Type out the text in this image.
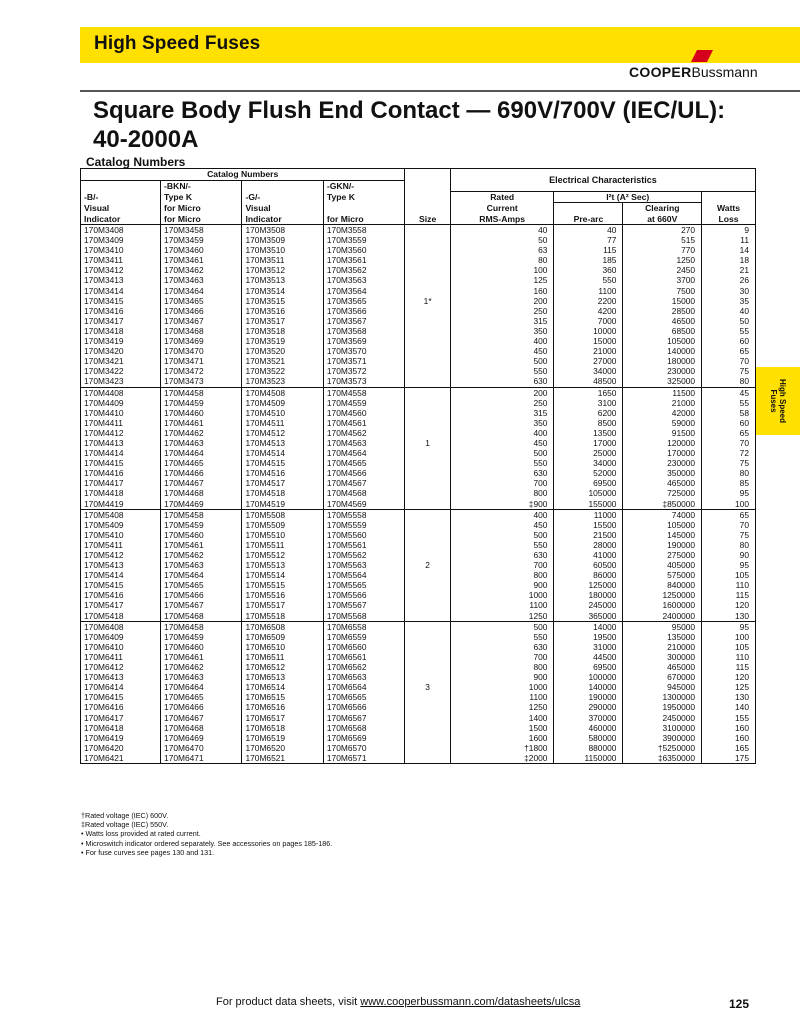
High Speed Fuses
COOPERBussmann
Square Body Flush End Contact — 690V/700V (IEC/UL): 40-2000A
Catalog Numbers
High Speed
Fuses
Catalog Numbers					Electrical Characteristics			
	-BKN/-		-GKN/-					
-B/-	Type K	-G/-	Type K		Rated	I²t (A² Sec)		
Visual	for Micro	Visual			Current		Clearing	Watts
Indicator	for Micro	Indicator	for Micro	Size	RMS-Amps	Pre-arc	at 660V	Loss
170M3408	170M3458	170M3508	170M3558		40	40	270	9
170M3409	170M3459	170M3509	170M3559		50	77	515	11
170M3410	170M3460	170M3510	170M3560		63	115	770	14
170M3411	170M3461	170M3511	170M3561		80	185	1250	18
170M3412	170M3462	170M3512	170M3562		100	360	2450	21
170M3413	170M3463	170M3513	170M3563		125	550	3700	26
170M3414	170M3464	170M3514	170M3564		160	1100	7500	30
170M3415	170M3465	170M3515	170M3565	1*	200	2200	15000	35
170M3416	170M3466	170M3516	170M3566		250	4200	28500	40
170M3417	170M3467	170M3517	170M3567		315	7000	46500	50
170M3418	170M3468	170M3518	170M3568		350	10000	68500	55
170M3419	170M3469	170M3519	170M3569		400	15000	105000	60
170M3420	170M3470	170M3520	170M3570		450	21000	140000	65
170M3421	170M3471	170M3521	170M3571		500	27000	180000	70
170M3422	170M3472	170M3522	170M3572		550	34000	230000	75
170M3423	170M3473	170M3523	170M3573		630	48500	325000	80
170M4408	170M4458	170M4508	170M4558		200	1650	11500	45
170M4409	170M4459	170M4509	170M4559		250	3100	21000	55
170M4410	170M4460	170M4510	170M4560		315	6200	42000	58
170M4411	170M4461	170M4511	170M4561		350	8500	59000	60
170M4412	170M4462	170M4512	170M4562		400	13500	91500	65
170M4413	170M4463	170M4513	170M4563	1	450	17000	120000	70
170M4414	170M4464	170M4514	170M4564		500	25000	170000	72
170M4415	170M4465	170M4515	170M4565		550	34000	230000	75
170M4416	170M4466	170M4516	170M4566		630	52000	350000	80
170M4417	170M4467	170M4517	170M4567		700	69500	465000	85
170M4418	170M4468	170M4518	170M4568		800	105000	725000	95
170M4419	170M4469	170M4519	170M4569		‡900	155000	‡850000	100
170M5408	170M5458	170M5508	170M5558		400	11000	74000	65
170M5409	170M5459	170M5509	170M5559		450	15500	105000	70
170M5410	170M5460	170M5510	170M5560		500	21500	145000	75
170M5411	170M5461	170M5511	170M5561		550	28000	190000	80
170M5412	170M5462	170M5512	170M5562		630	41000	275000	90
170M5413	170M5463	170M5513	170M5563	2	700	60500	405000	95
170M5414	170M5464	170M5514	170M5564		800	86000	575000	105
170M5415	170M5465	170M5515	170M5565		900	125000	840000	110
170M5416	170M5466	170M5516	170M5566		1000	180000	1250000	115
170M5417	170M5467	170M5517	170M5567		1100	245000	1600000	120
170M5418	170M5468	170M5518	170M5568		1250	365000	2400000	130
170M6408	170M6458	170M6508	170M6558		500	14000	95000	95
170M6409	170M6459	170M6509	170M6559		550	19500	135000	100
170M6410	170M6460	170M6510	170M6560		630	31000	210000	105
170M6411	170M6461	170M6511	170M6561		700	44500	300000	110
170M6412	170M6462	170M6512	170M6562		800	69500	465000	115
170M6413	170M6463	170M6513	170M6563		900	100000	670000	120
170M6414	170M6464	170M6514	170M6564	3	1000	140000	945000	125
170M6415	170M6465	170M6515	170M6565		1100	190000	1300000	130
170M6416	170M6466	170M6516	170M6566		1250	290000	1950000	140
170M6417	170M6467	170M6517	170M6567		1400	370000	2450000	155
170M6418	170M6468	170M6518	170M6568		1500	460000	3100000	160
170M6419	170M6469	170M6519	170M6569		1600	580000	3900000	160
170M6420	170M6470	170M6520	170M6570		†1800	880000	†5250000	165
170M6421	170M6471	170M6521	170M6571		‡2000	1150000	‡6350000	175
†Rated voltage (IEC) 600V.
‡Rated voltage (IEC) 550V.
• Watts loss provided at rated current.
• Microswitch indicator ordered separately. See accessories on pages 185-186.
• For fuse curves see pages 130 and 131.
For product data sheets, visit www.cooperbussmann.com/datasheets/ulcsa	125
